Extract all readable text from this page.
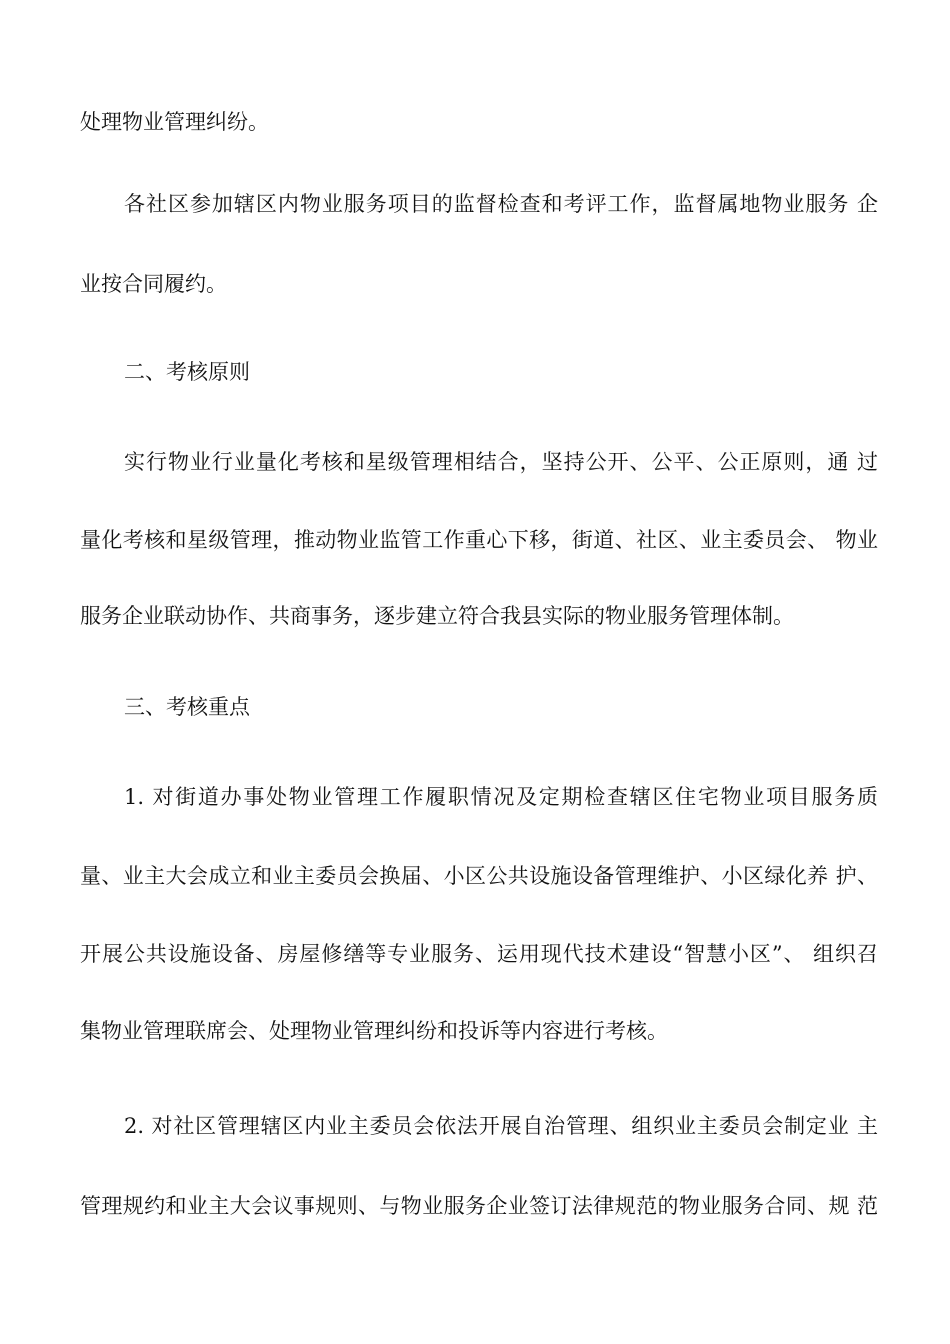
处理物业管理纠纷。

各社区参加辖区内物业服务项目的监督检查和考评工作，监督属地物业服务 企

业按合同履约。

二、考核原则

实行物业行业量化考核和星级管理相结合，坚持公开、公平、公正原则，通 过

量化考核和星级管理，推动物业监管工作重心下移，街道、社区、业主委员会、 物业

服务企业联动协作、共商事务，逐步建立符合我县实际的物业服务管理体制。

三、考核重点

1. 对街道办事处物业管理工作履职情况及定期检查辖区住宅物业项目服务质

量、业主大会成立和业主委员会换届、小区公共设施设备管理维护、小区绿化养 护、

开展公共设施设备、房屋修缮等专业服务、运用现代技术建设“智慧小区”、 组织召

集物业管理联席会、处理物业管理纠纷和投诉等内容进行考核。

2. 对社区管理辖区内业主委员会依法开展自治管理、组织业主委员会制定业 主

管理规约和业主大会议事规则、与物业服务企业签订法律规范的物业服务合同、规 范
